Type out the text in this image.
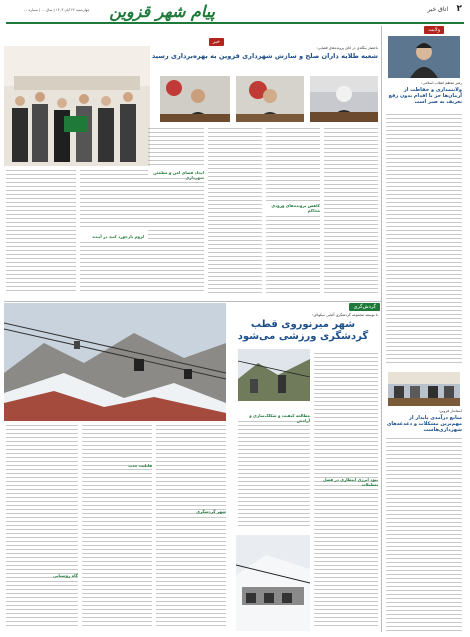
۲
اتاق خبر
پیام شهر قزوین
چهارشنبه ۲۲ آبان ۱۴۰۳ | سال ... | شماره ...
ولایت
رهبر معظم انقلاب اسلامی:
ولایتمداری و حفاظت از آرمان‌ها جز با اقدام بدون رفع تعریف به صبر است
استاندار قزوین:
منابع درآمدی پایدار از مهم‌ترین مشکلات و دغدغه‌های شهرداری‌هاست
خبر
باحضار ینگلدی در اتاق پرونده‌های قضایی:
شعبه طلایه داران صلح و سازش شهرداری قزوین به بهره‌برداری رسید
کاهش پرونده‌های ورودی محاکم
ایجاد فضای امن و مطمئن
لزوم بازخورد کنید در آینده
گردش‌گری
با توسعه مجموعه گردشگری آلتایی سکولای:
شهر میرنوروی قطب گردشگری ورزشی می‌شود
مطالعه کیفیت و شکلک‌سازی و
نبود انرژی انتظاری در فصل تعطیلات
شهر گردشگری
قابلیت جذب
گاه روستایی
